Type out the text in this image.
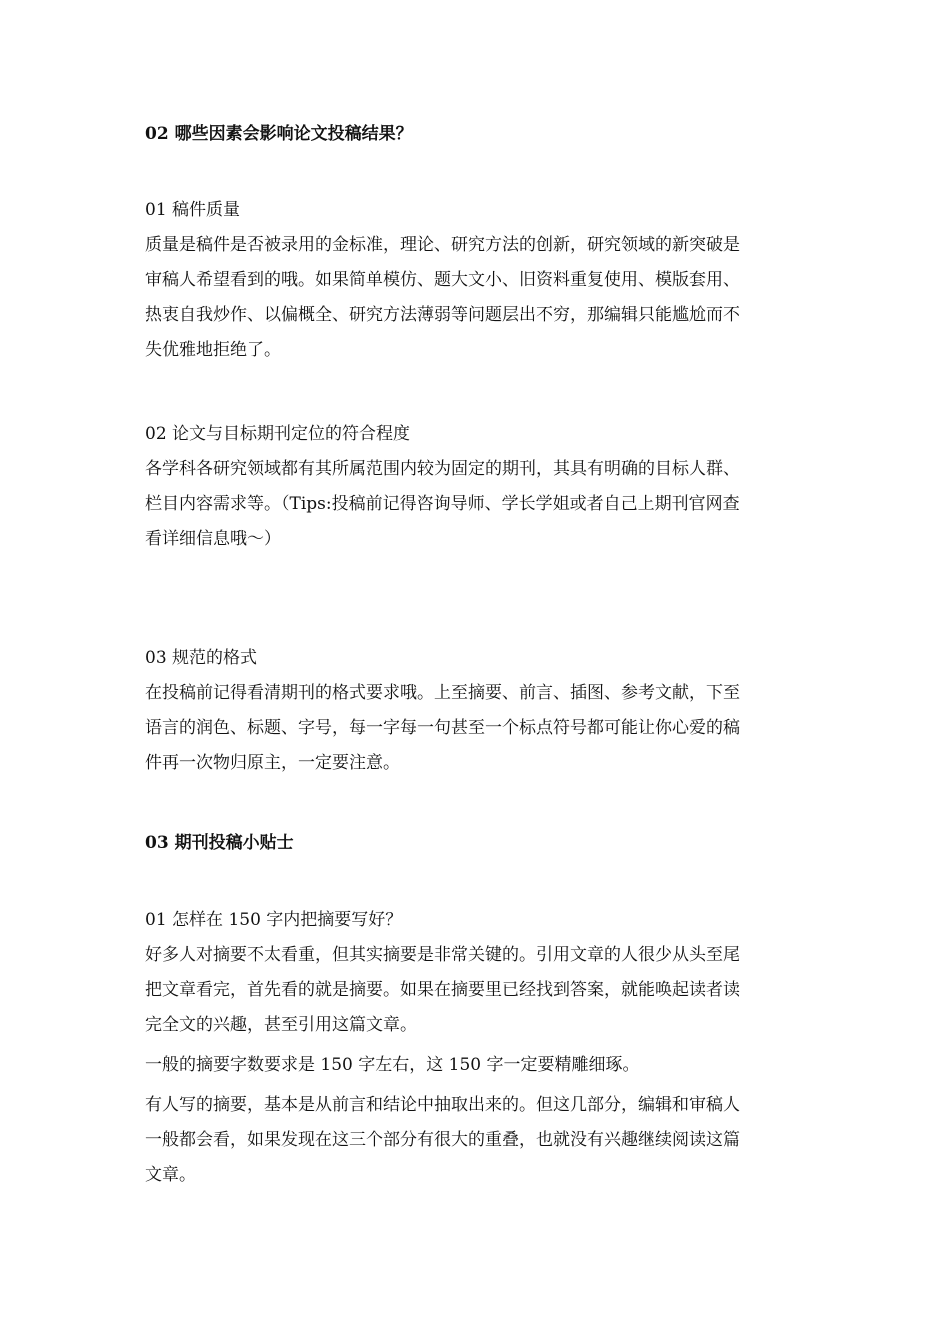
02 哪些因素会影响论文投稿结果？
01 稿件质量
质量是稿件是否被录用的金标准，理论、研究方法的创新，研究领域的新突破是
审稿人希望看到的哦。如果简单模仿、题大文小、旧资料重复使用、模版套用、
热衷自我炒作、以偏概全、研究方法薄弱等问题层出不穷，那编辑只能尴尬而不
失优雅地拒绝了。
02 论文与目标期刊定位的符合程度
各学科各研究领域都有其所属范围内较为固定的期刊，其具有明确的目标人群、
栏目内容需求等。（Tips:投稿前记得咨询导师、学长学姐或者自己上期刊官网查
看详细信息哦～）
03 规范的格式
在投稿前记得看清期刊的格式要求哦。上至摘要、前言、插图、参考文献，下至
语言的润色、标题、字号，每一字每一句甚至一个标点符号都可能让你心爱的稿
件再一次物归原主，一定要注意。
03 期刊投稿小贴士
01 怎样在 150 字内把摘要写好？
好多人对摘要不太看重，但其实摘要是非常关键的。引用文章的人很少从头至尾
把文章看完，首先看的就是摘要。如果在摘要里已经找到答案，就能唤起读者读
完全文的兴趣，甚至引用这篇文章。
一般的摘要字数要求是 150 字左右，这 150 字一定要精雕细琢。
有人写的摘要，基本是从前言和结论中抽取出来的。但这几部分，编辑和审稿人
一般都会看，如果发现在这三个部分有很大的重叠，也就没有兴趣继续阅读这篇
文章。
